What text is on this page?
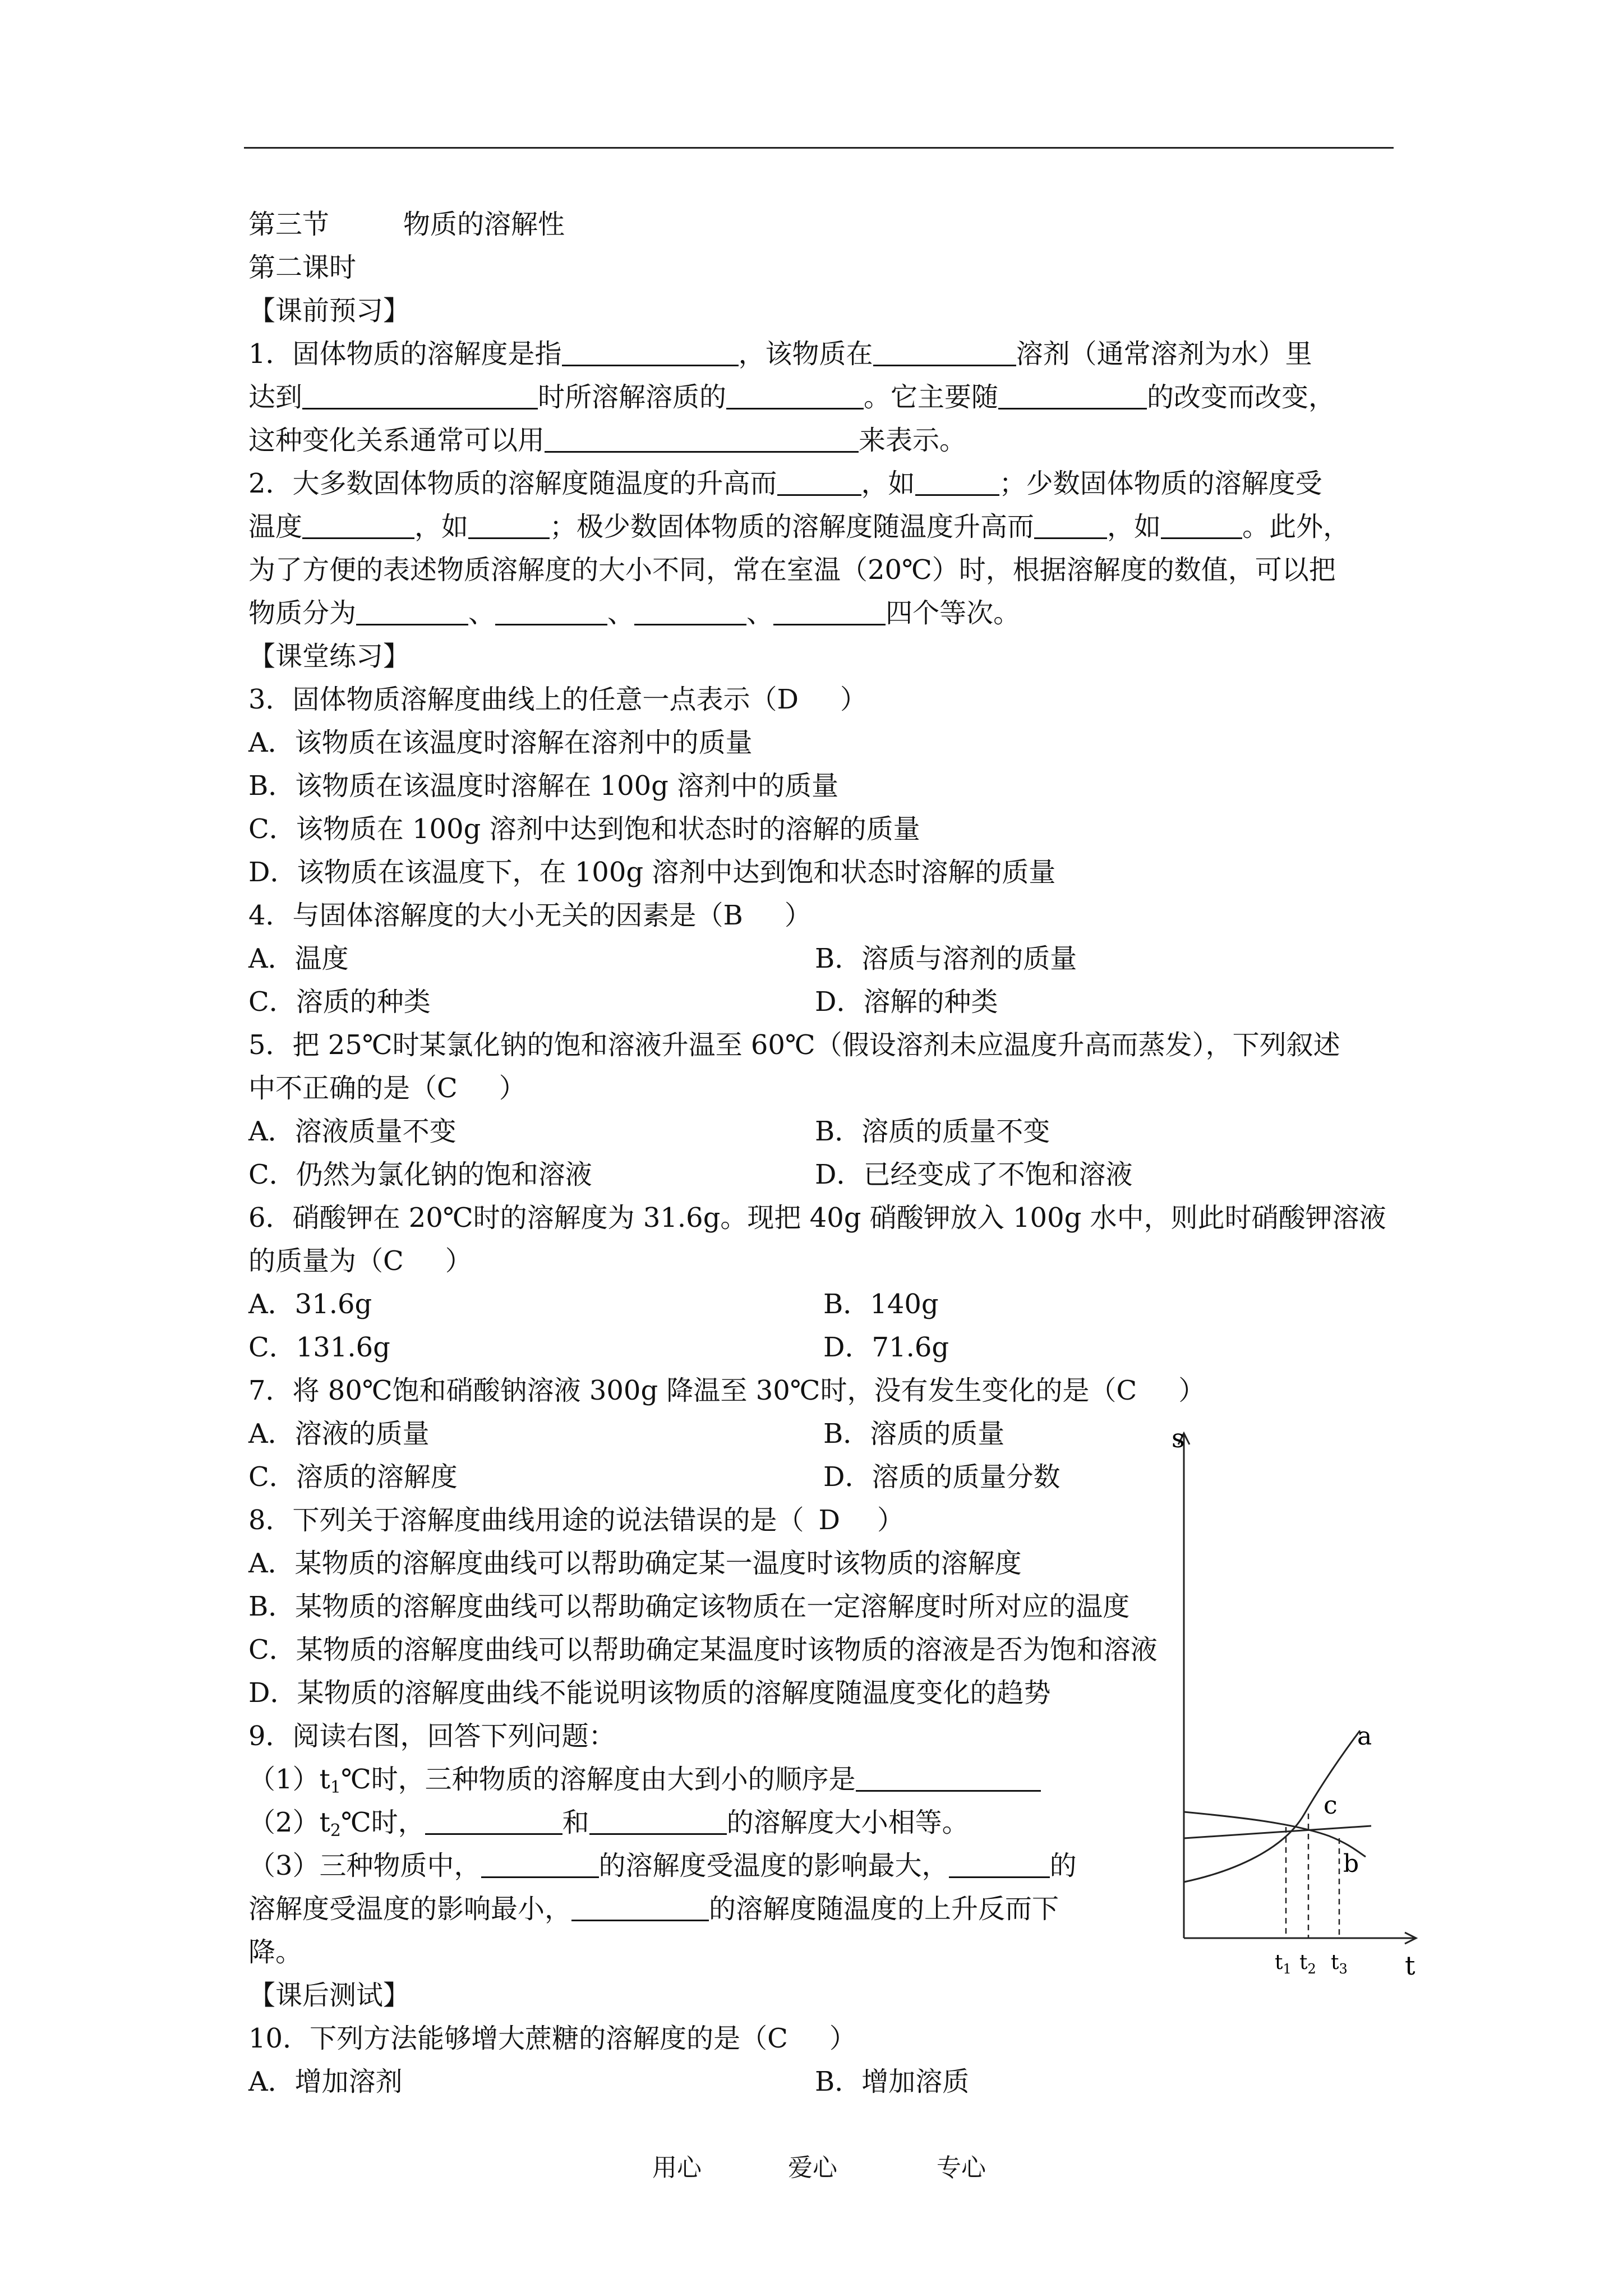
第三节	物质的溶解性
第二课时
【课前预习】
1．固体物质的溶解度是指	，该物质在	溶剂（通常溶剂为水）里
达到	时所溶解溶质的	。它主要随	的改变而改变，
这种变化关系通常可以用	来表示。
2．大多数固体物质的溶解度随温度的升高而	，如	；少数固体物质的溶解度受
温度	，如	；极少数固体物质的溶解度随温度升高而	，如	。此外，
为了方便的表述物质溶解度的大小不同，常在室温（20℃）时，根据溶解度的数值，可以把
物质分为	、	、	、	四个等次。
【课堂练习】
3．固体物质溶解度曲线上的任意一点表示（D ）
A．该物质在该温度时溶解在溶剂中的质量
B．该物质在该温度时溶解在 100g 溶剂中的质量
C．该物质在 100g 溶剂中达到饱和状态时的溶解的质量
D．该物质在该温度下，在 100g 溶剂中达到饱和状态时溶解的质量
4．与固体溶解度的大小无关的因素是（B ）
A．温度	B．溶质与溶剂的质量
C．溶质的种类	D．溶解的种类
5．把 25℃时某氯化钠的饱和溶液升温至 60℃（假设溶剂未应温度升高而蒸发），下列叙述
中不正确的是（C ）
A．溶液质量不变	B．溶质的质量不变
C．仍然为氯化钠的饱和溶液	D．已经变成了不饱和溶液
6．硝酸钾在 20℃时的溶解度为 31.6g。现把 40g 硝酸钾放入 100g 水中，则此时硝酸钾溶液
的质量为（C ）
A．31.6g	B．140g
C．131.6g	D．71.6g
7．将 80℃饱和硝酸钠溶液 300g 降温至 30℃时，没有发生变化的是（C ）
A．溶液的质量	B．溶质的质量
C．溶质的溶解度	D．溶质的质量分数
8．下列关于溶解度曲线用途的说法错误的是（ D ）
A．某物质的溶解度曲线可以帮助确定某一温度时该物质的溶解度
B．某物质的溶解度曲线可以帮助确定该物质在一定溶解度时所对应的温度
C．某物质的溶解度曲线可以帮助确定某温度时该物质的溶液是否为饱和溶液
D．某物质的溶解度曲线不能说明该物质的溶解度随温度变化的趋势
9．阅读右图，回答下列问题：
$(1)t_1℃$时，三种物质的溶解度由大到小的顺序是
$(2)t_2℃$时，	和	的溶解度大小相等。
（3）三种物质中，	的溶解度受温度的影响最大，	的
溶解度受温度的影响最小，	的溶解度随温度的上升反而下
降。
【课后测试】
10．下列方法能够增大蔗糖的溶解度的是（C ）
A．增加溶剂	B．增加溶质
s
t
a
c
b
$t_1$ $t_2$ $t_3$
用心	爱心	专心
